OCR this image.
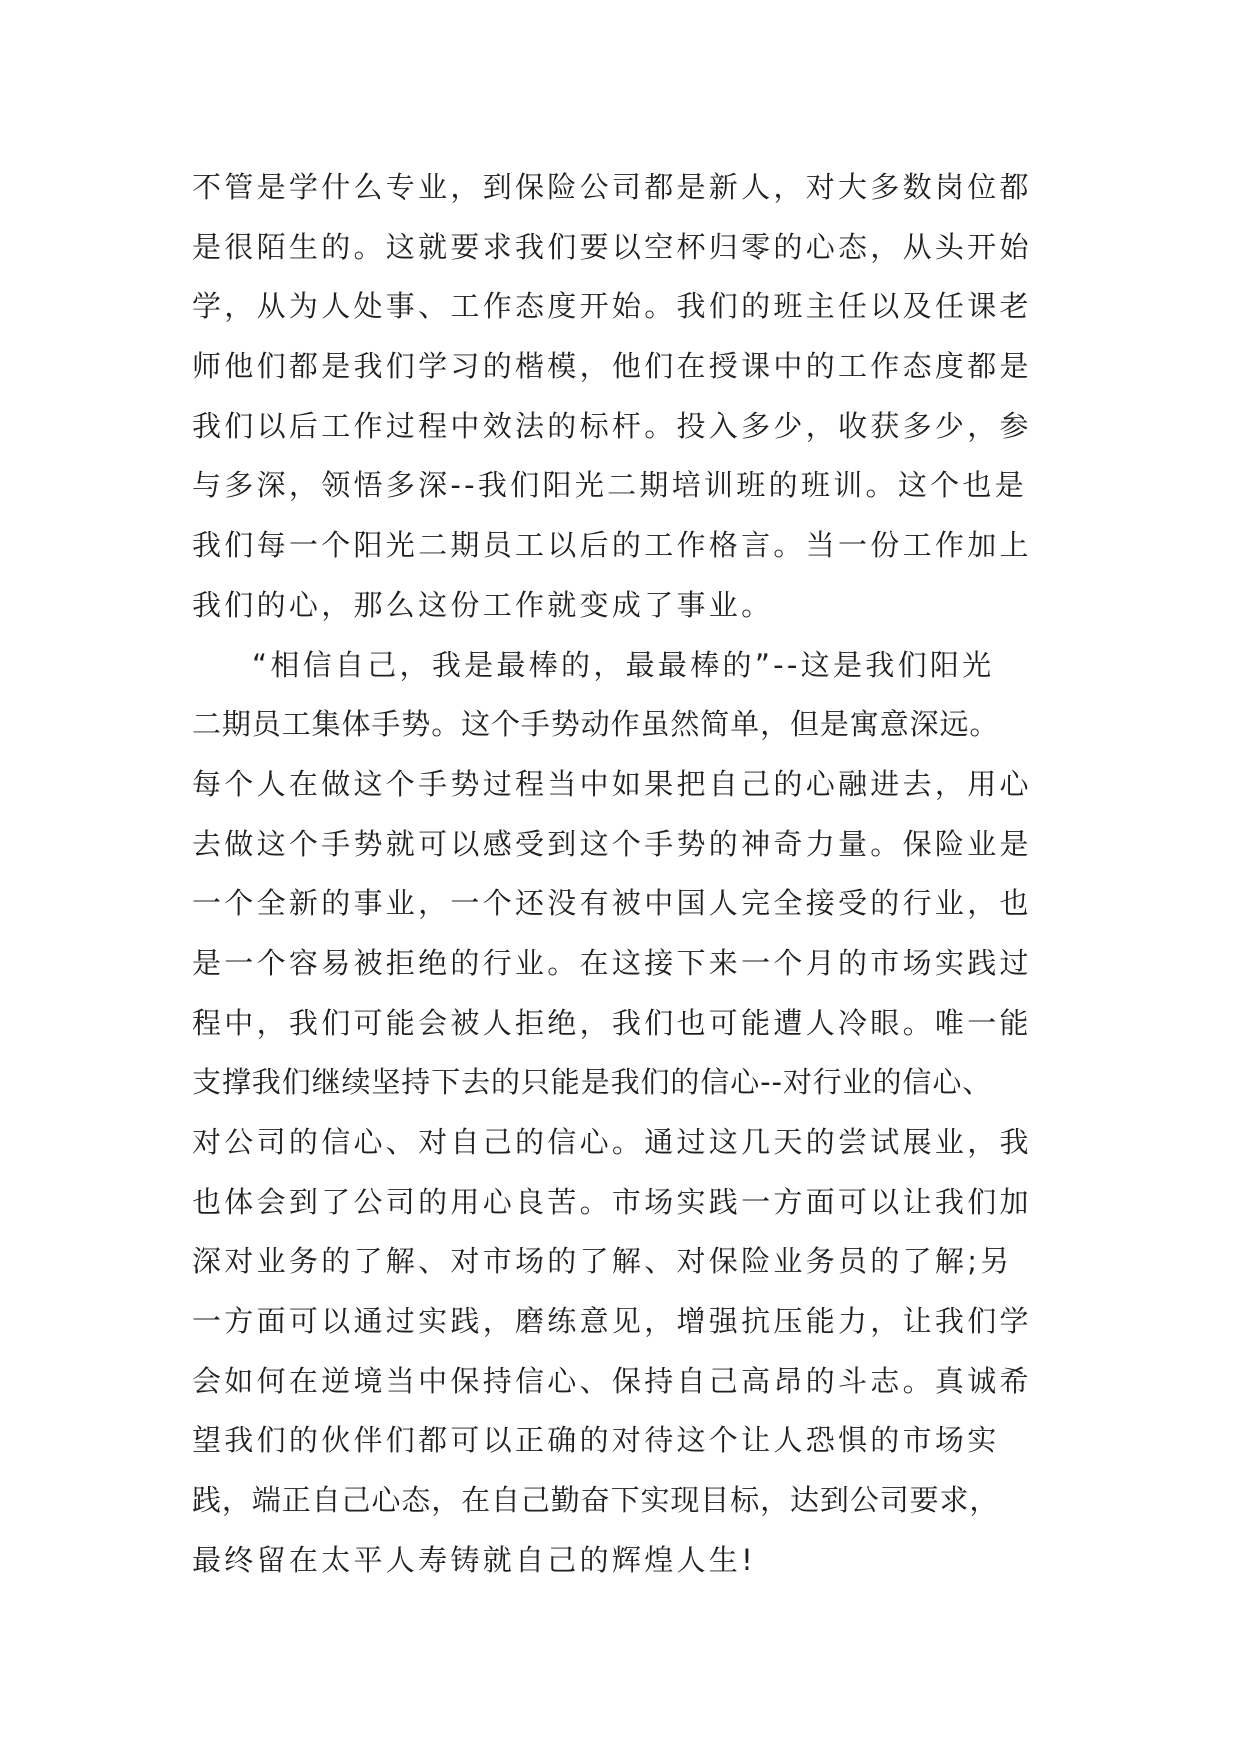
不管是学什么专业，到保险公司都是新人，对大多数岗位都
是很陌生的。这就要求我们要以空杯归零的心态，从头开始
学，从为人处事、工作态度开始。我们的班主任以及任课老
师他们都是我们学习的楷模，他们在授课中的工作态度都是
我们以后工作过程中效法的标杆。投入多少，收获多少，参
与多深，领悟多深--我们阳光二期培训班的班训。这个也是
我们每一个阳光二期员工以后的工作格言。当一份工作加上
我们的心，那么这份工作就变成了事业。
“相信自己，我是最棒的，最最棒的”--这是我们阳光
二期员工集体手势。这个手势动作虽然简单，但是寓意深远。
每个人在做这个手势过程当中如果把自己的心融进去，用心
去做这个手势就可以感受到这个手势的神奇力量。保险业是
一个全新的事业，一个还没有被中国人完全接受的行业，也
是一个容易被拒绝的行业。在这接下来一个月的市场实践过
程中，我们可能会被人拒绝，我们也可能遭人冷眼。唯一能
支撑我们继续坚持下去的只能是我们的信心--对行业的信心、
对公司的信心、对自己的信心。通过这几天的尝试展业，我
也体会到了公司的用心良苦。市场实践一方面可以让我们加
深对业务的了解、对市场的了解、对保险业务员的了解;另
一方面可以通过实践，磨练意见，增强抗压能力，让我们学
会如何在逆境当中保持信心、保持自己高昂的斗志。真诚希
望我们的伙伴们都可以正确的对待这个让人恐惧的市场实
践，端正自己心态，在自己勤奋下实现目标，达到公司要求，
最终留在太平人寿铸就自己的辉煌人生!
